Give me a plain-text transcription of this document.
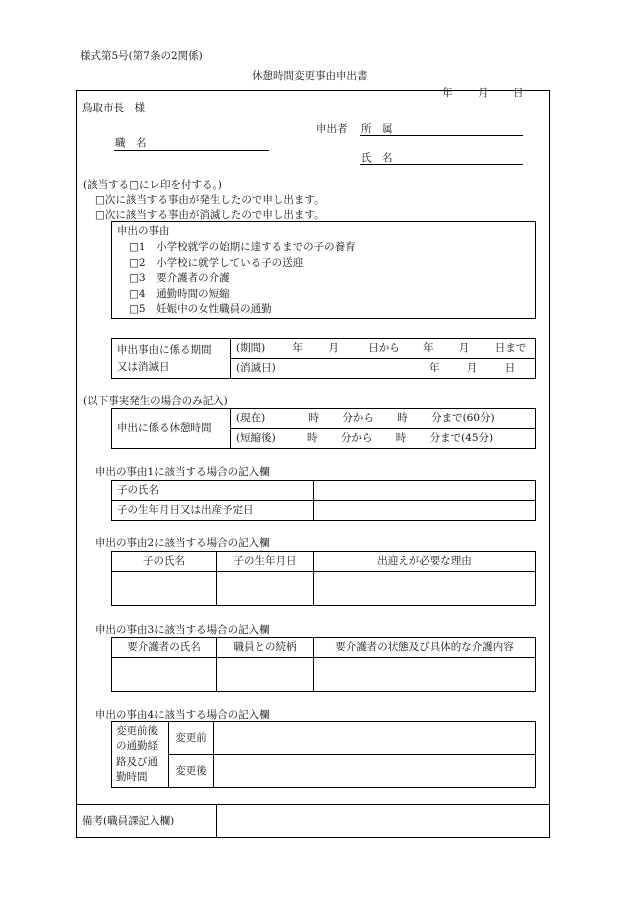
様式第5号(第7条の2関係)
休憩時間変更事由申出書
年 月 日
鳥取市長　様
申出者 所　属
職　名
氏　名
(該当する□にレ印を付する。)
□次に該当する事由が発生したので申し出ます。
□次に該当する事由が消滅したので申し出ます。
申出の事由
□1　小学校就学の始期に達するまでの子の養育
□2　小学校に就学している子の送迎
□3　要介護者の介護
□4　通勤時間の短縮
□5　妊娠中の女性職員の通勤
申出事由に係る期間
又は消滅日	(期間)	年 月	日から 年 月 日まで
(消滅日)	年	月	日
(以下事実発生の場合のみ記入)
申出に係る休憩時間	(現在)	時 分から 時 分まで(60分)
(短縮後)	時 分から 時 分まで(45分)
申出の事由1に該当する場合の記入欄
子の氏名	
子の生年月日又は出産予定日	
申出の事由2に該当する場合の記入欄
子の氏名	子の生年月日	出迎えが必要な理由

申出の事由3に該当する場合の記入欄
要介護者の氏名	職員との続柄	要介護者の状態及び具体的な介護内容

申出の事由4に該当する場合の記入欄
変更前後
の通勤経
路及び通
勤時間	変更前	
	変更後	
備考(職員課記入欄)
